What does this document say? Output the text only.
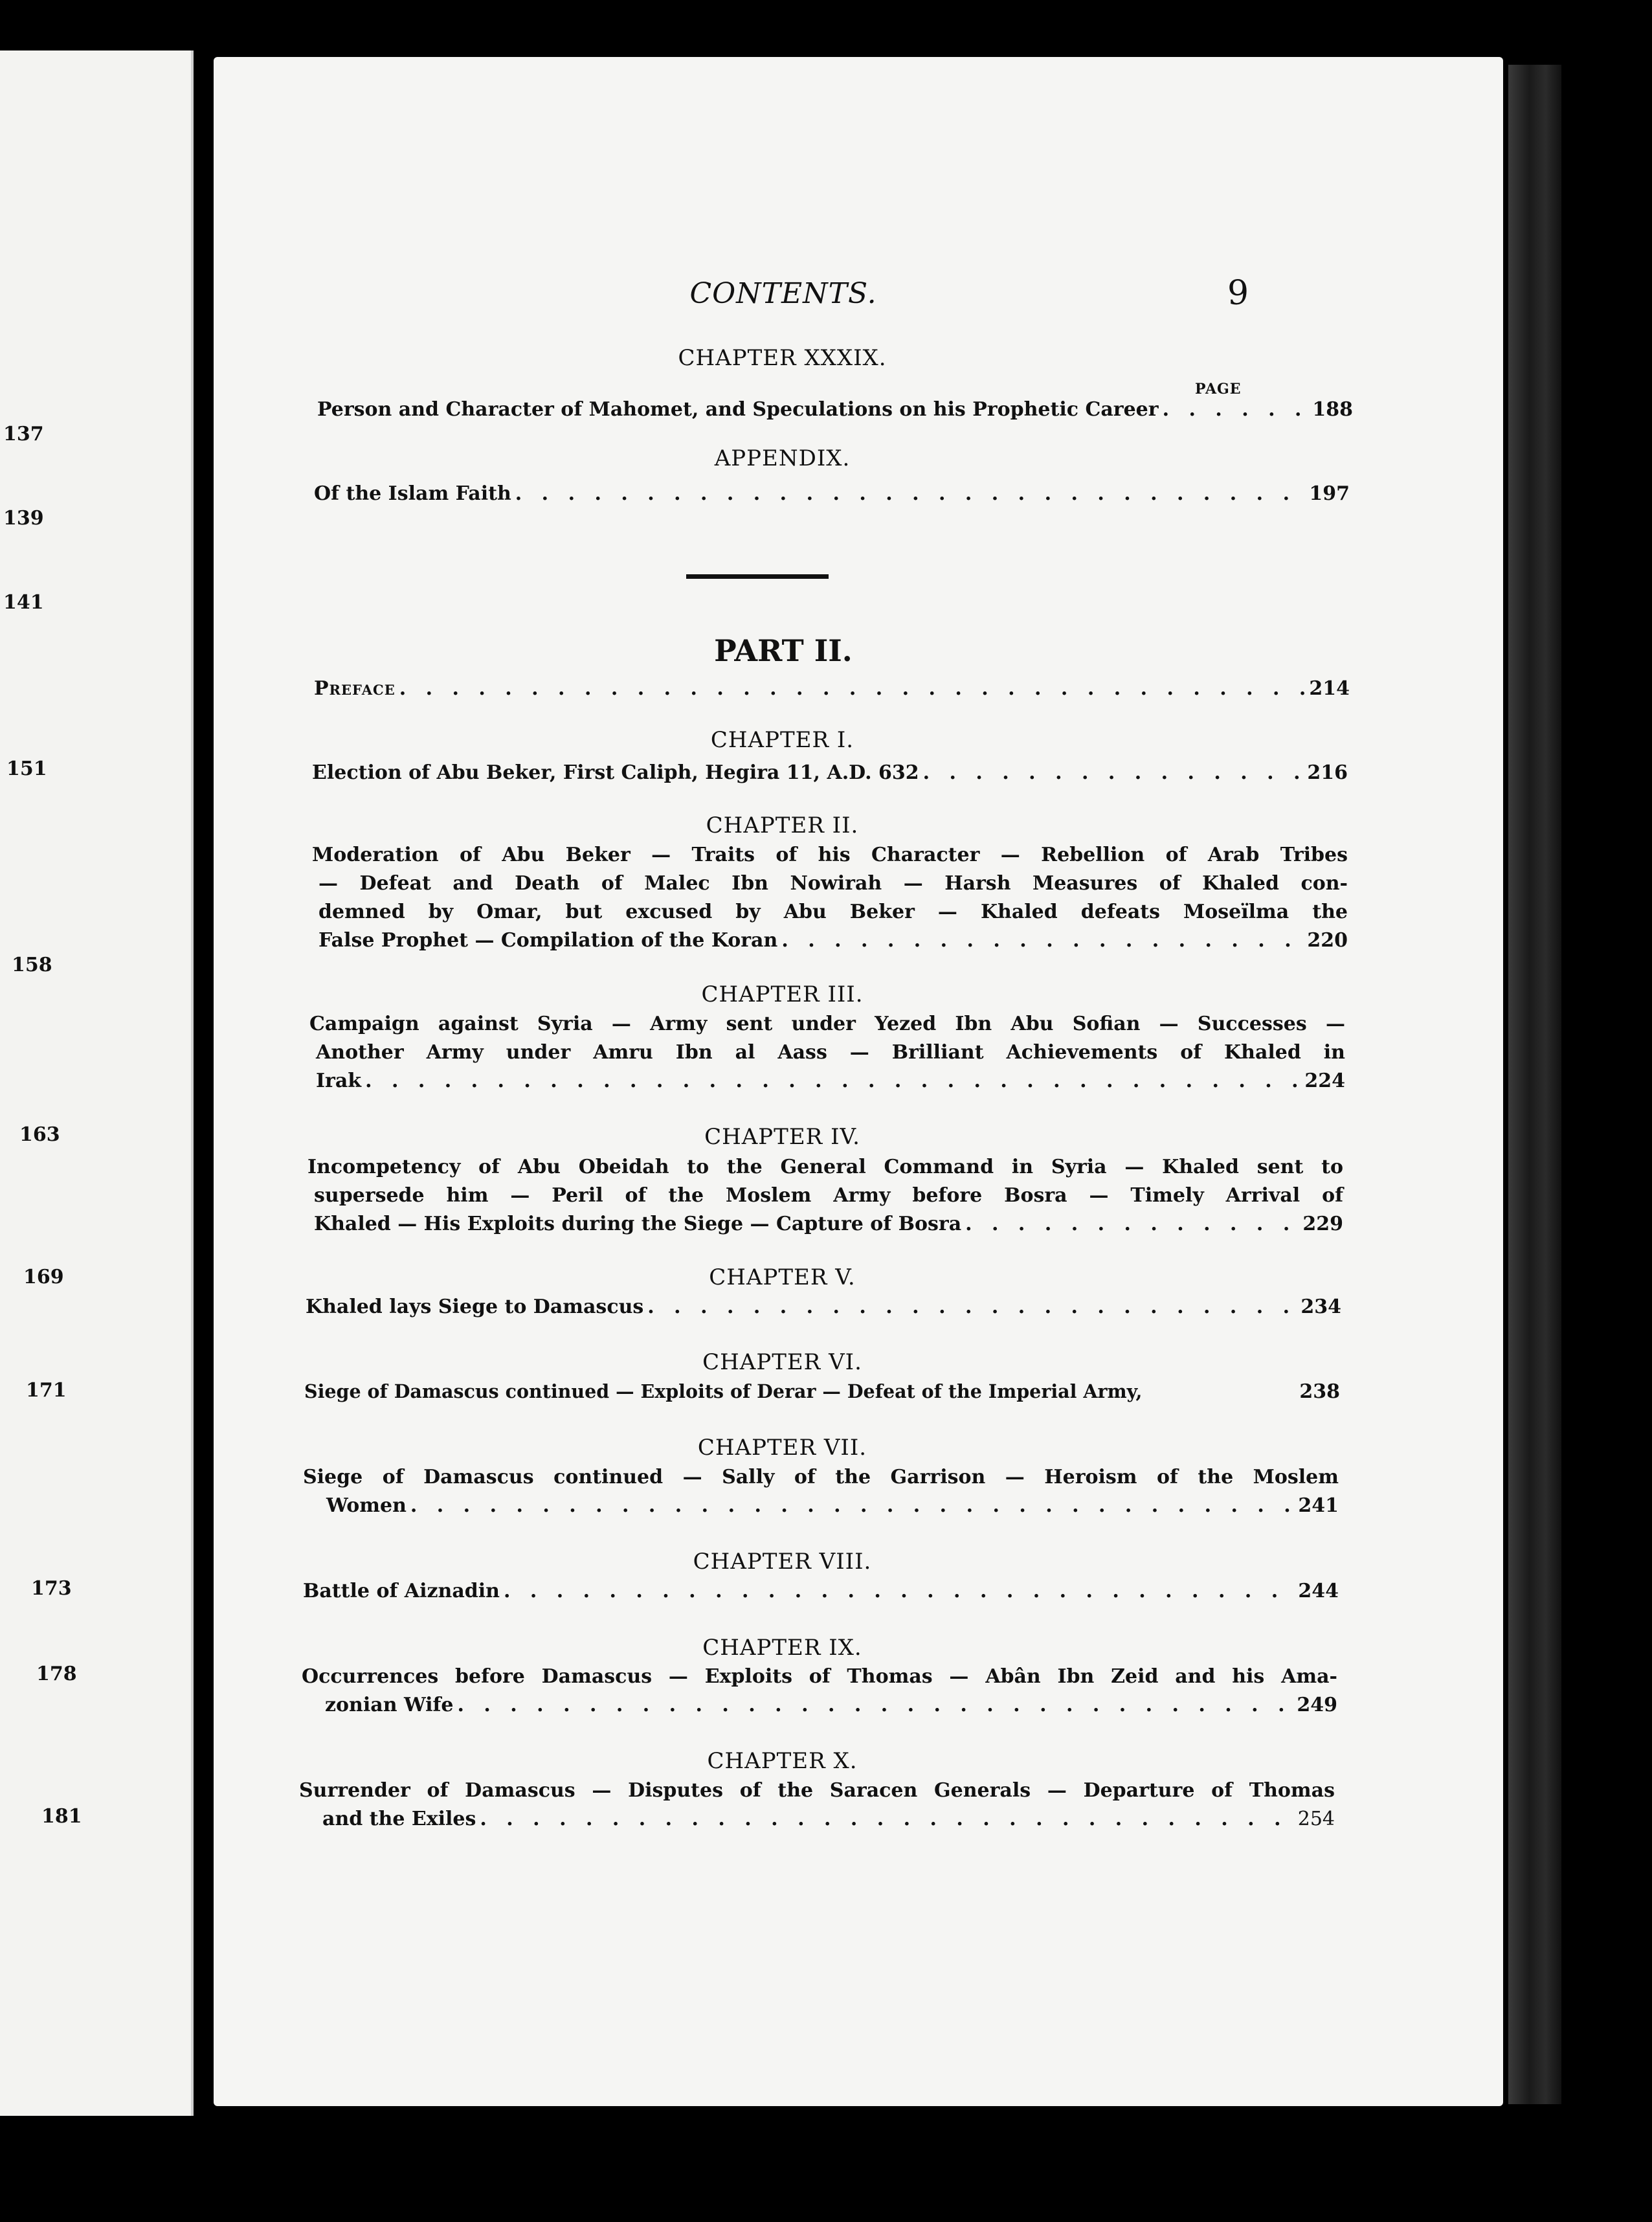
137
139
141
151
158
163
169
171
173
178
181
CONTENTS.	9
CHAPTER XXXIX.
PAGE
Person and Character of Mahomet, and Speculations on his Prophetic Career . . .	188
APPENDIX.
Of the Islam Faith . . .	197
PART II.
Preface . . .	214
CHAPTER I.
Election of Abu Beker, First Caliph, Hegira 11, A.D. 632 . . .	216
CHAPTER II.
Moderation of Abu Beker — Traits of his Character — Rebellion of Arab Tribes
— Defeat and Death of Malec Ibn Nowirah — Harsh Measures of Khaled con-
demned by Omar, but excused by Abu Beker — Khaled defeats Moseïlma the
False Prophet — Compilation of the Koran . . .	220
CHAPTER III.
Campaign against Syria — Army sent under Yezed Ibn Abu Sofian — Successes —
Another Army under Amru Ibn al Aass — Brilliant Achievements of Khaled in
Irak . . .	224
CHAPTER IV.
Incompetency of Abu Obeidah to the General Command in Syria — Khaled sent to
supersede him — Peril of the Moslem Army before Bosra — Timely Arrival of
Khaled — His Exploits during the Siege — Capture of Bosra . . .	229
CHAPTER V.
Khaled lays Siege to Damascus . . .	234
CHAPTER VI.
Siege of Damascus continued — Exploits of Derar — Defeat of the Imperial Army,	238
CHAPTER VII.
Siege of Damascus continued — Sally of the Garrison — Heroism of the Moslem
Women . . .	241
CHAPTER VIII.
Battle of Aiznadin . . .	244
CHAPTER IX.
Occurrences before Damascus — Exploits of Thomas — Abân Ibn Zeid and his Ama-
zonian Wife . . .	249
CHAPTER X.
Surrender of Damascus — Disputes of the Saracen Generals — Departure of Thomas
and the Exiles . . .	254
